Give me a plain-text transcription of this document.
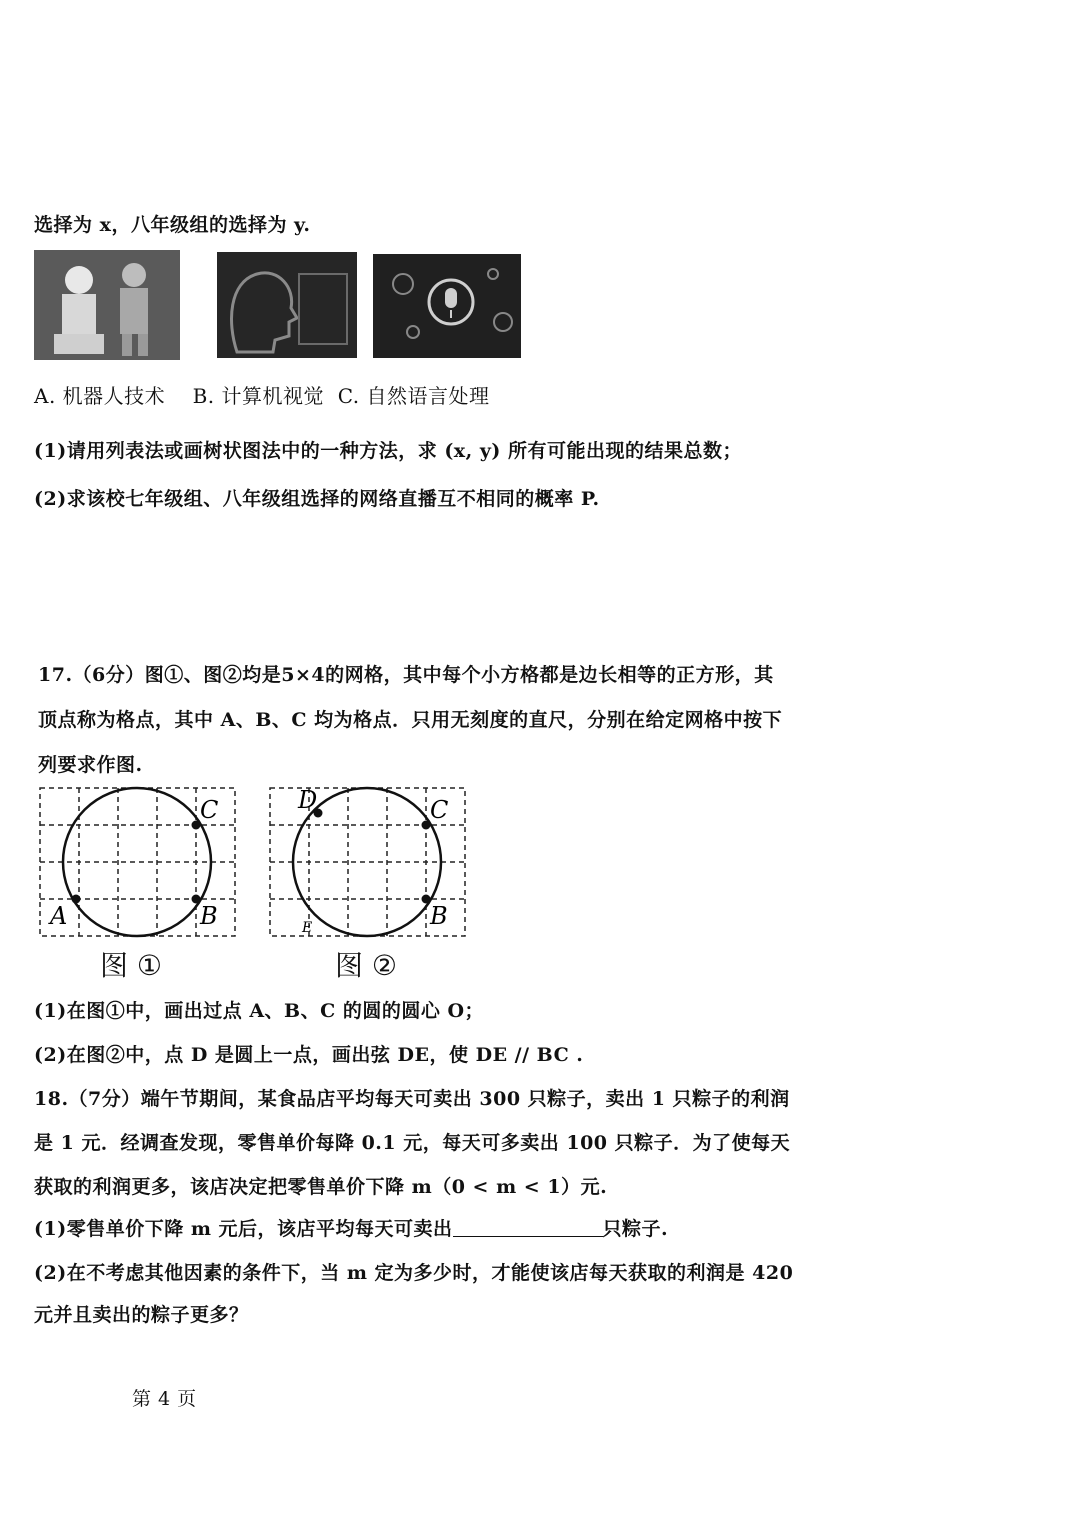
选择为 x，八年级组的选择为 y.
A. 机器人技术    B. 计算机视觉  C. 自然语言处理
(1)请用列表法或画树状图法中的一种方法，求 (x, y) 所有可能出现的结果总数；
(2)求该校七年级组、八年级组选择的网络直播互不相同的概率 P.
17.（6分）图①、图②均是5×4的网格，其中每个小方格都是边长相等的正方形，其
顶点称为格点，其中 A、B、C 均为格点．只用无刻度的直尺，分别在给定网格中按下
列要求作图.
A	B
C
图 ①
D	C
B
E
图 ②
(1)在图①中，画出过点 A、B、C 的圆的圆心 O；
(2)在图②中，点 D 是圆上一点，画出弦 DE，使 DE // BC .
18.（7分）端午节期间，某食品店平均每天可卖出 300 只粽子，卖出 1 只粽子的利润
是 1 元．经调查发现，零售单价每降 0.1 元，每天可多卖出 100 只粽子．为了使每天
获取的利润更多，该店决定把零售单价下降 m（0 < m < 1）元.
(1)零售单价下降 m 元后，该店平均每天可卖出	只粽子.
(2)在不考虑其他因素的条件下，当 m 定为多少时，才能使该店每天获取的利润是 420
元并且卖出的粽子更多？
第 4 页
